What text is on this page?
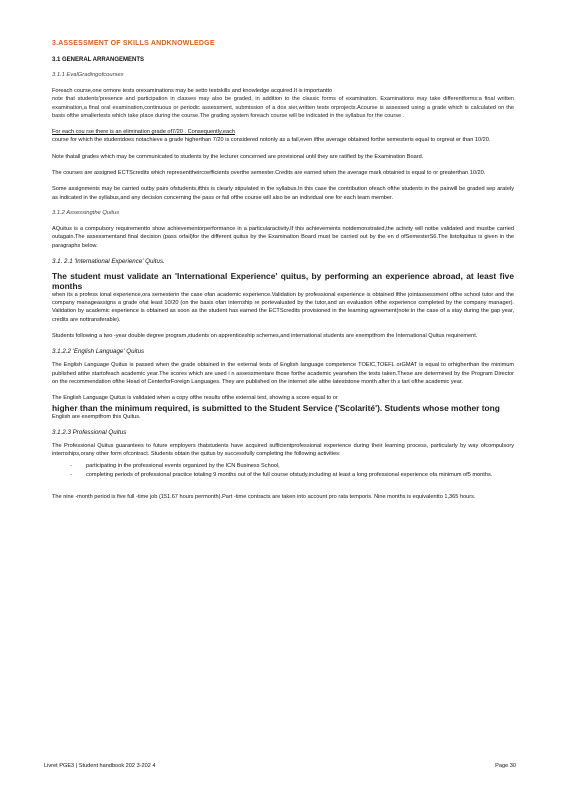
3.ASSESSMENT OF SKILLS ANDKNOWLEDGE

3.1 GENERAL ARRANGEMENTS

3.1.1 EvalGradingofcourses

Foreach course,one ormore tests orexaminations may be setto testskills and knowledge acquired.It is importantto

note that students'presence and participation in classes may also be graded, in addition to the classic forms of examination. Examinations may take differentforms:a final written examination,a final oral examination,continuous or periodic assessment, submission of a dos sier,written tests orprojects.Acourse is assessed using a grade which is calculated on the basis ofthe smallertests which take place during the course.The grading system foreach course will be indicated in the syllabus for the course .

For each cou rse there is an elimination grade of7/20 . Consequently,each

course for which the studentdoes notachieve a grade higherthan 7/20 is considered notonly as a fail,even ifthe average obtained forthe semesteris equal to orgreat er than 10/20.

Note thatall grades which may be communicated to students by the lecturer concerned are provisional until they are ratified by the Examination Board.

The courses are assigned ECTScredits which representtheircoefficients overthe semester.Credits are earned when the average mark obtained is equal to or greaterthan 10/20.

Some assignments may be carried outby pairs ofstudents,ifthis is clearly stipulated in the syllabus.In this case the contribution ofeach ofthe students in the pairwill be graded sep arately as indicated in the syllabus,and any decision concerning the pass or fail ofthe course will also be an individual one for each team member.

3.1.2 Assessingthe Quitus

AQuitus is a compulsory requirementto show achievementorperformance in a particularactivity.If this achievements notdemonstrated,the activity will notbe validated and mustbe carried outagain.The assessmentand final decision (pass orfail)for the different quitus by the Examination Board must be carried out by the en d ofSemesterS6.The listofquitus is given in the paragraphs below.

3.1. 2.1 'International Experience' Quitus.

The student must validate an 'International Experience' quitus, by performing an experience abroad, at least five months

when its a profess ional experience,ora semesterin the case ofan academic experience.Validation by professional experience is obtained ifthe jointassessment ofthe school tutor and the company manageassigns a grade ofat least 10/20 (on the basis ofan internship re portevaluated by the tutor,and an evaluation ofthe experience completed by the company manager). Validation by academic experience is obtained as soon as the student has earned the ECTScredits provisioned in the learning agreement(note:in the case of a stay during the gap year, credits are nottransferable).

Students following a two -year double degree program,students on apprenticeship schemes,and international students are exemptfrom the International Quitus requirement.

3.1.2.2 'English Language' Quitus

The English Language Quitus is passed when the grade obtained in the external tests of English language competence TOEIC,TOEFL orGMAT is equal to orhigherthan the minimum published atthe startofeach academic year.The scores which are used i n assessmentare those forthe academic yearwhen the tests taken.These are determined by the Program Director on the recommendation ofthe Head of CenterforForeign Languages. They are published on the internet site atthe lateststone month after th s tart ofthe academic year.

The English Language Quitus is validated when a copy ofthe results ofthe external test, showing a score equal to or

higher than the minimum required, is submitted to the Student Service ('Scolarité'). Students whose mother tong

English are exemptfrom this Quitus.

3.1.2.3 Professional Quitus

The Professional Quitus guarantees to future employers thatstudents have acquired sufficientprofessional experience during their learning process, particularly by way ofcompulsory internships,orany other form ofcontract. Students obtain the quitus by successfully completing the following activities:

- participating in the professional events organized by the ICN Business School,
- completing periods of professional practice totaling 9 months out of the full course ofstudy,including at least a long professional experience ofa minimum of5 months.

The nine -month period is five full -time job (151.67 hours permonth).Part -time contracts are taken into account pro rata temporis. Nine months is equivalentto 1,365 hours.

Livret PGE3 | Student handbook 202 3-202 4	Page 30
